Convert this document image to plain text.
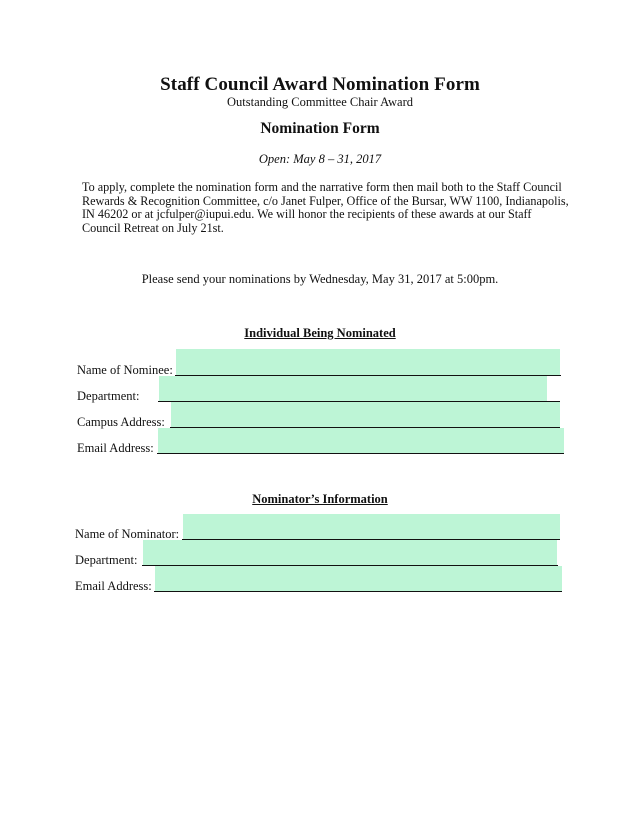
Staff Council Award Nomination Form
Outstanding Committee Chair Award
Nomination Form
Open: May 8 – 31, 2017
To apply, complete the nomination form and the narrative form then mail both to the Staff Council Rewards & Recognition Committee, c/o Janet Fulper, Office of the Bursar, WW 1100, Indianapolis, IN 46202 or at jcfulper@iupui.edu. We will honor the recipients of these awards at our Staff Council Retreat on July 21st.
Please send your nominations by Wednesday, May 31, 2017 at 5:00pm.
Individual Being Nominated
Name of Nominee:
Department:
Campus Address:
Email Address:
Nominator’s Information
Name of Nominator:
Department:
Email Address:
